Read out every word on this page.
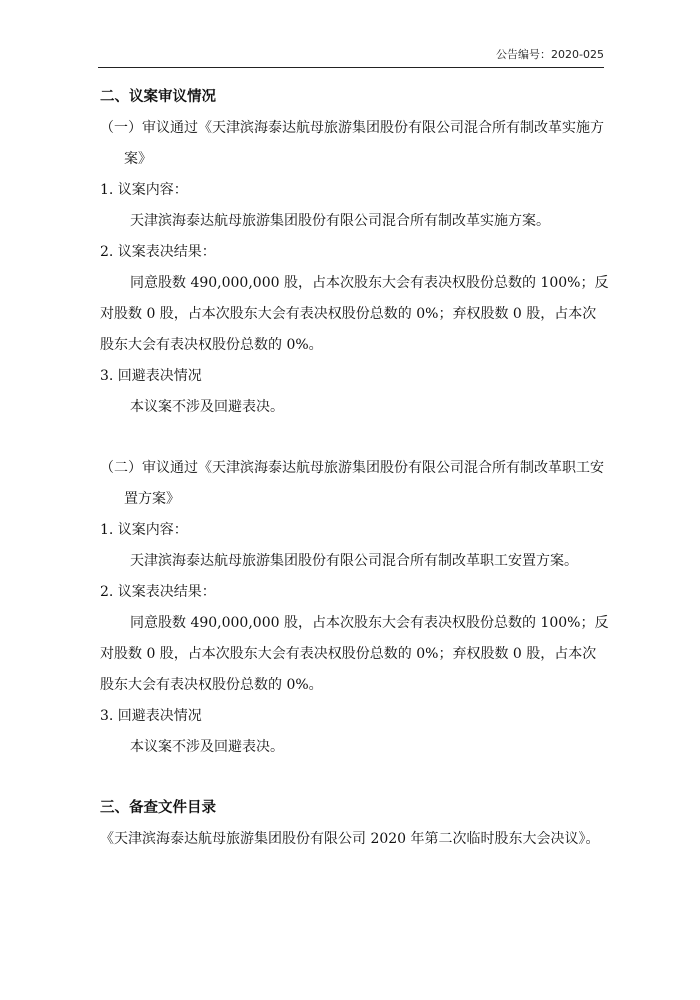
公告编号：2020-025

二、议案审议情况

（一）审议通过《天津滨海泰达航母旅游集团股份有限公司混合所有制改革实施方案》

1. 议案内容：

天津滨海泰达航母旅游集团股份有限公司混合所有制改革实施方案。

2. 议案表决结果：

同意股数 490,000,000 股，占本次股东大会有表决权股份总数的 100%；反对股数 0 股，占本次股东大会有表决权股份总数的 0%；弃权股数 0 股，占本次股东大会有表决权股份总数的 0%。

3. 回避表决情况

本议案不涉及回避表决。

（二）审议通过《天津滨海泰达航母旅游集团股份有限公司混合所有制改革职工安置方案》

1. 议案内容：

天津滨海泰达航母旅游集团股份有限公司混合所有制改革职工安置方案。

2. 议案表决结果：

同意股数 490,000,000 股，占本次股东大会有表决权股份总数的 100%；反对股数 0 股，占本次股东大会有表决权股份总数的 0%；弃权股数 0 股，占本次股东大会有表决权股份总数的 0%。

3. 回避表决情况

本议案不涉及回避表决。

三、备查文件目录

《天津滨海泰达航母旅游集团股份有限公司 2020 年第二次临时股东大会决议》。
